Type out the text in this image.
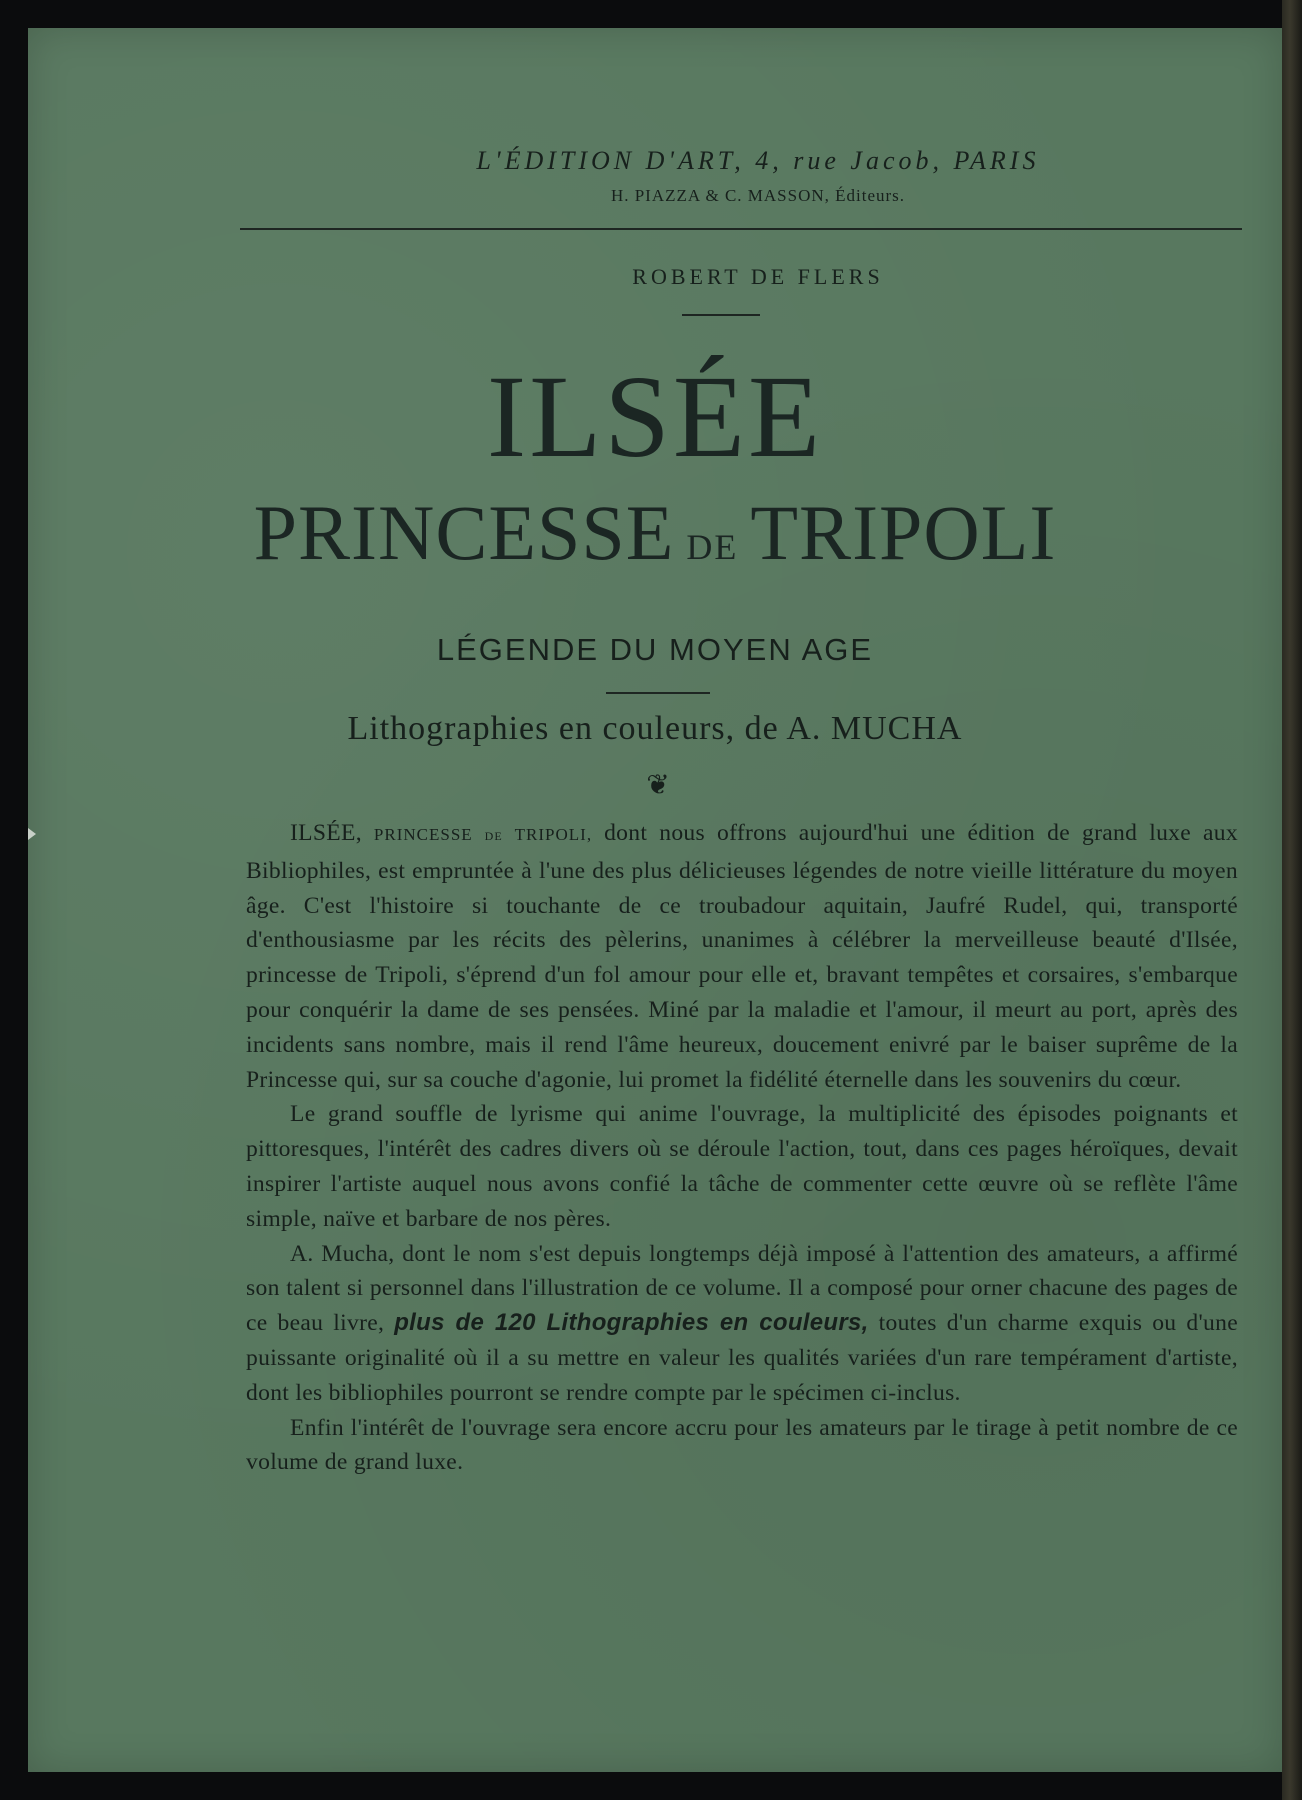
L'ÉDITION D'ART, 4, rue Jacob, PARIS
H. PIAZZA & C. MASSON, Éditeurs.
ROBERT DE FLERS
ILSÉE
PRINCESSE DE TRIPOLI
LÉGENDE DU MOYEN AGE
Lithographies en couleurs, de A. MUCHA
❦

ILSÉE, PRINCESSE DE TRIPOLI, dont nous offrons aujourd'hui une édition de grand luxe aux Bibliophiles, est empruntée à l'une des plus délicieuses légendes de notre vieille littérature du moyen âge. C'est l'histoire si touchante de ce troubadour aquitain, Jaufré Rudel, qui, transporté d'enthousiasme par les récits des pèlerins, unanimes à célébrer la merveilleuse beauté d'Ilsée, princesse de Tripoli, s'éprend d'un fol amour pour elle et, bravant tempêtes et corsaires, s'embarque pour conquérir la dame de ses pensées. Miné par la maladie et l'amour, il meurt au port, après des incidents sans nombre, mais il rend l'âme heureux, doucement enivré par le baiser suprême de la Princesse qui, sur sa couche d'agonie, lui promet la fidélité éternelle dans les souvenirs du cœur.

Le grand souffle de lyrisme qui anime l'ouvrage, la multiplicité des épisodes poignants et pittoresques, l'intérêt des cadres divers où se déroule l'action, tout, dans ces pages héroïques, devait inspirer l'artiste auquel nous avons confié la tâche de commenter cette œuvre où se reflète l'âme simple, naïve et barbare de nos pères.

A. Mucha, dont le nom s'est depuis longtemps déjà imposé à l'attention des amateurs, a affirmé son talent si personnel dans l'illustration de ce volume. Il a composé pour orner chacune des pages de ce beau livre, plus de 120 Lithographies en couleurs, toutes d'un charme exquis ou d'une puissante originalité où il a su mettre en valeur les qualités variées d'un rare tempérament d'artiste, dont les bibliophiles pourront se rendre compte par le spécimen ci-inclus.

Enfin l'intérêt de l'ouvrage sera encore accru pour les amateurs par le tirage à petit nombre de ce volume de grand luxe.
